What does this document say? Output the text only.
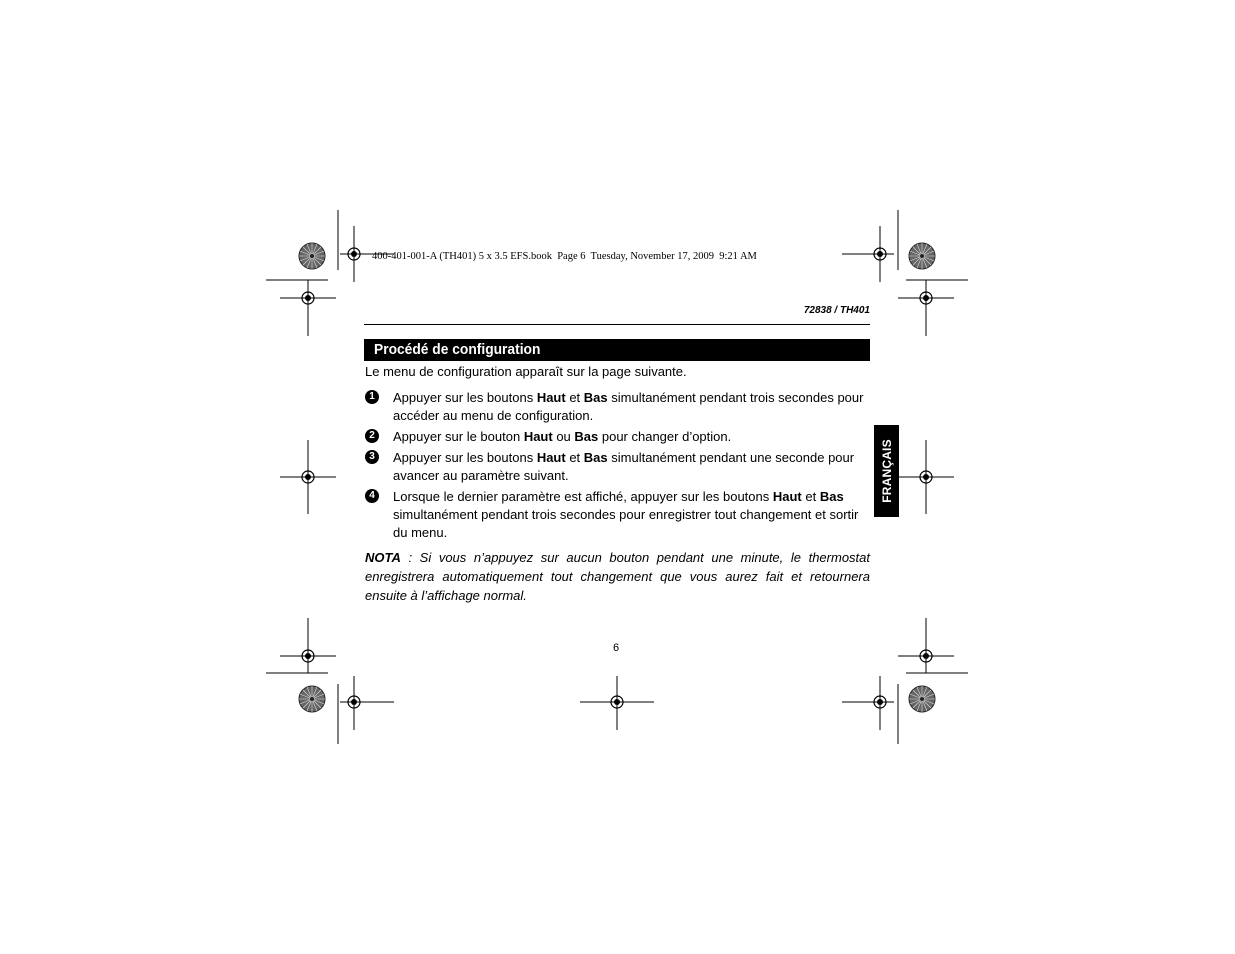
400-401-001-A (TH401) 5 x 3.5 EFS.book  Page 6  Tuesday, November 17, 2009  9:21 AM
72838 / TH401
Procédé de configuration
Le menu de configuration apparaît sur la page suivante.
1	Appuyer sur les boutons Haut et Bas simultanément pendant trois secondes pour accéder au menu de configuration.
2	Appuyer sur le bouton Haut ou Bas pour changer d’option.
3	Appuyer sur les boutons Haut et Bas simultanément pendant une seconde pour avancer au paramètre suivant.
4	Lorsque le dernier paramètre est affiché, appuyer sur les boutons Haut et Bas simultanément pendant trois secondes pour enregistrer tout changement et sortir du menu.
NOTA : Si vous n’appuyez sur aucun bouton pendant une minute, le thermostat enregistrera automatiquement tout changement que vous aurez fait et retournera ensuite à l’affichage normal.
6
FRANÇAIS
